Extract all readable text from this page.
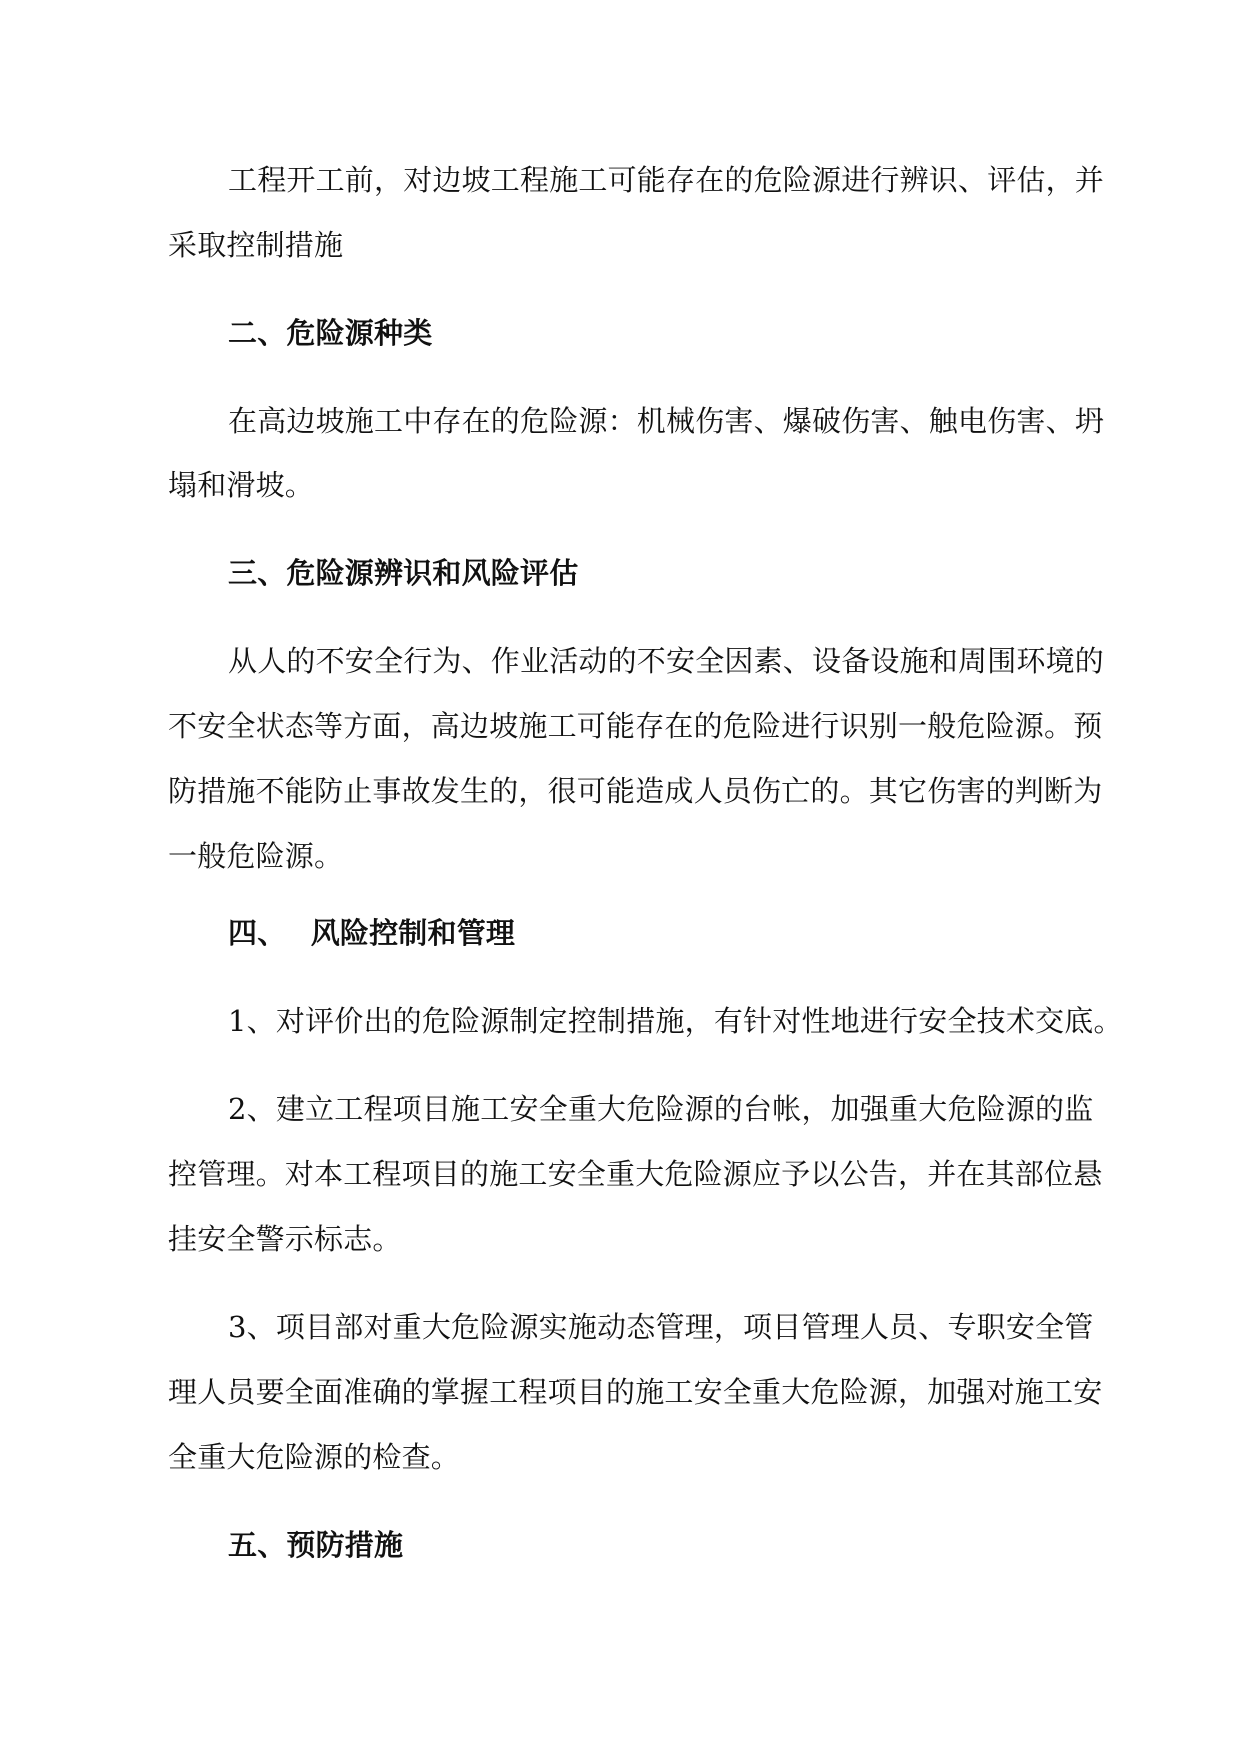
工程开工前，对边坡工程施工可能存在的危险源进行辨识、评估，并
采取控制措施
二、危险源种类
在高边坡施工中存在的危险源：机械伤害、爆破伤害、触电伤害、坍
塌和滑坡。
三、危险源辨识和风险评估
从人的不安全行为、作业活动的不安全因素、设备设施和周围环境的
不安全状态等方面，高边坡施工可能存在的危险进行识别一般危险源。预
防措施不能防止事故发生的，很可能造成人员伤亡的。其它伤害的判断为
一般危险源。
四、 风险控制和管理
1、对评价出的危险源制定控制措施，有针对性地进行安全技术交底。
2、建立工程项目施工安全重大危险源的台帐，加强重大危险源的监
控管理。对本工程项目的施工安全重大危险源应予以公告，并在其部位悬
挂安全警示标志。
3、项目部对重大危险源实施动态管理，项目管理人员、专职安全管
理人员要全面准确的掌握工程项目的施工安全重大危险源，加强对施工安
全重大危险源的检查。
五、预防措施
